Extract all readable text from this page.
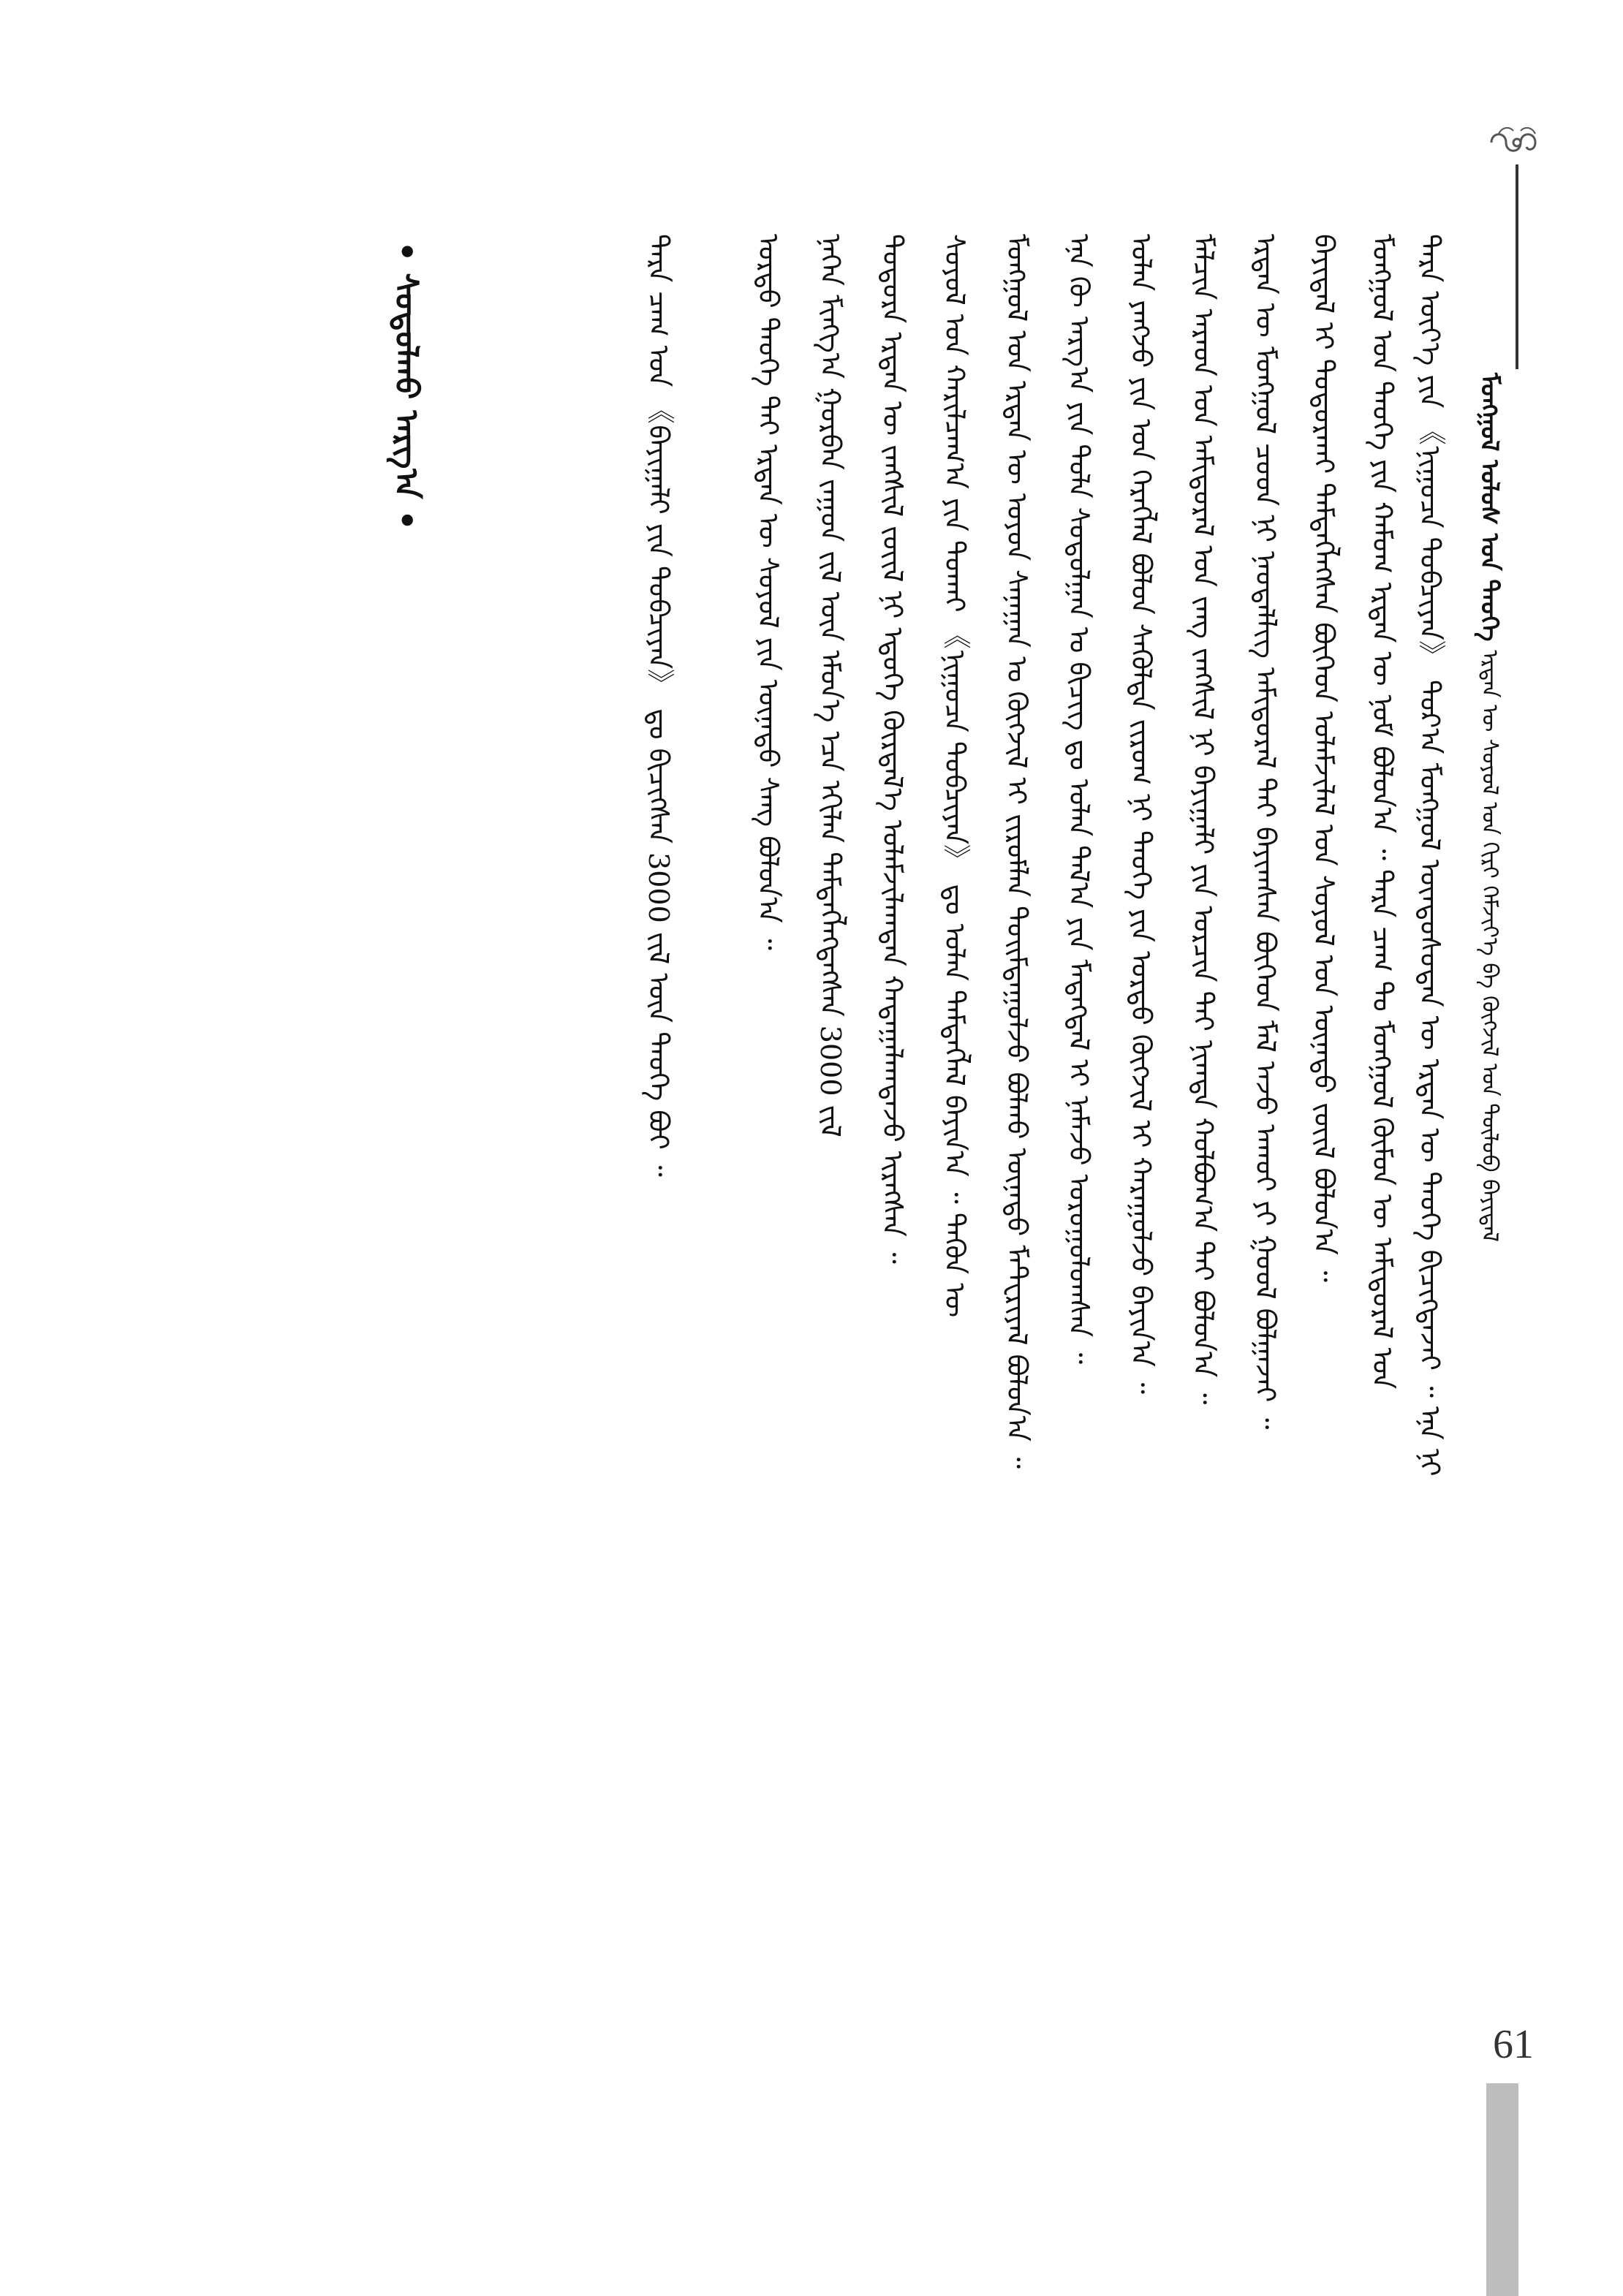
ᠮᠣᠩᠭᠣᠯ ᠤᠯᠤᠰ ᠤᠨ ᠲᠡᠦᠬᠡ ᠡᠷᠲᠡᠨ ᠦ ᠰᠣᠶᠣᠯ ᠤᠨ ᠬᠢᠷᠢ ᠬᠡᠮᠵᠢᠶ᠎ᠡ ᠪᠠ ᠬᠥᠭᠵᠢᠯ ᠤᠨ ᠲᠥᠯᠥᠪ ᠪᠠᠶᠢᠳᠠᠯ
ᠲᠡᠷᠡ ᠦᠶ᠎ᠡ ᠶᠢᠨ 《ᠨᠢᠭᠤᠴᠠ ᠲᠣᠪᠴᠢᠶᠠᠨ》 ᠳᠣᠷ᠎ᠠ ᠮᠣᠩᠭᠣᠯ ᠦᠨᠳᠦᠰᠦᠲᠡᠨ ᠦ ᠡᠷᠲᠡᠨ ᠦ ᠲᠡᠦᠬᠡ ᠪᠢᠴᠢᠭᠳᠡᠵᠡᠢ ᠃ ᠡᠨᠡ ᠨᠢ
ᠮᠣᠩᠭᠣᠯ ᠤᠨ ᠲᠡᠦᠬᠡ ᠶᠢᠨ ᠬᠠᠮᠤᠭ ᠡᠷᠲᠡᠨ ᠦ ᠨᠣᠮ ᠪᠣᠯᠤᠨ᠎ᠠ ᠃ ᠲᠡᠷᠡ ᠴᠠᠭ ᠲᠤ ᠮᠣᠩᠭᠣᠯ ᠬᠦᠮᠦᠨ ᠦ ᠠᠮᠢᠳᠤᠷᠠᠯ ᠤᠨ
ᠪᠠᠶᠢᠳᠠᠯ ᠢ ᠲᠣᠳᠣᠷᠬᠠᠢ ᠲᠡᠮᠳᠡᠭᠯᠡᠭᠰᠡᠨ ᠪᠥᠭᠡᠳ ᠤᠯᠠᠮᠵᠢᠯᠠᠯ ᠤᠨ ᠰᠣᠶᠣᠯ ᠤᠨ ᠦᠨᠡᠲᠦ ᠵᠦᠢᠯ ᠪᠣᠯᠤᠨ᠎ᠠ ᠃
ᠡᠷᠲᠡᠨ ᠦ ᠮᠣᠩᠭᠣᠯ ᠴᠤᠳ ᠨᠢ ᠨᠡᠦᠳᠡᠯᠯᠢᠭ ᠠᠮᠢᠳᠤᠷᠠᠯ ᠲᠠᠢ ᠪᠠᠶᠢᠭᠰᠠᠨ ᠪᠥᠭᠡᠳ ᠮᠠᠯ ᠠᠵᠤ ᠠᠬᠤᠢ ᠶᠢ ᠭᠣᠣᠯ ᠪᠣᠯᠭᠠᠵᠠᠢ ᠃
ᠮᠠᠯᠴᠢᠨ ᠠᠷᠠᠳ ᠤᠨ ᠠᠮᠢᠳᠤᠷᠠᠯ ᠤᠨ ᠵᠠᠩ ᠵᠠᠩᠰᠢᠯ ᠨᠢ ᠪᠠᠶᠢᠭᠠᠯᠢ ᠶᠢᠨ ᠣᠷᠴᠢᠨ ᠲᠠᠢ ᠨᠢᠭᠲᠠ ᠬᠣᠯᠪᠣᠭ᠎ᠠ ᠲᠠᠢ ᠪᠣᠯᠤᠨ᠎ᠠ ᠃
ᠣᠯᠠᠨ ᠶᠠᠩᠵᠤ ᠶᠢᠨ ᠡᠳ ᠬᠡᠷᠡᠭᠯᠡᠯ ᠪᠣᠯᠣᠨ ᠰᠡᠭᠦᠯᠲᠡ ᠵᠢᠷᠤᠭ ᠨᠢ ᠲᠡᠦᠬᠡ ᠶᠢᠨ ᠤᠷᠲᠤ ᠬᠥᠭᠵᠢᠯ ᠢ ᠬᠠᠷᠠᠭᠤᠯᠵᠤ ᠪᠠᠶᠢᠨ᠎ᠠ ᠃
ᠡᠨᠡ ᠬᠦ ᠠᠷᠭ᠎ᠠ ᠶᠢᠨ ᠲᠤᠯᠠ ᠰᠤᠳᠤᠯᠭᠠᠨ ᠤ ᠪᠢᠴᠢᠭ ᠳᠤ ᠣᠯᠠᠨ ᠲᠠᠯ᠎ᠠ ᠶᠢᠨ ᠮᠡᠳᠡᠭᠳᠡᠯ ᠢ ᠨᠡᠮᠡᠵᠦ ᠣᠷᠣᠭᠤᠯᠤᠭᠰᠠᠨ ᠃
ᠮᠣᠩᠭᠣᠯ ᠤᠨ ᠡᠷᠲᠡᠨ ᠦ ᠣᠶᠤᠨ ᠰᠠᠨᠠᠭᠠᠨ ᠤ ᠬᠥᠭᠵᠢᠯ ᠢ ᠵᠢᠷᠤᠮᠯᠠᠨ ᠲᠣᠢᠮᠳᠠᠭᠤᠯᠵᠤ ᠪᠣᠯᠬᠤ ᠦᠨᠡᠲᠦ ᠮᠠᠲ᠋ᠧᠷᠢᠶᠠᠯ ᠪᠣᠯᠤᠨ᠎ᠠ ᠃
ᠰᠣᠶᠣᠯ ᠤᠨ ᠬᠠᠷᠢᠯᠴᠠᠭ᠎ᠠ ᠶᠢᠨ ᠲᠤᠬᠠᠢ 《ᠨᠢᠭᠤᠴᠠ ᠲᠣᠪᠴᠢᠶᠠᠨ》 ᠳᠤ ᠣᠯᠠᠨ ᠲᠡᠮᠳᠡᠭᠯᠡᠯ ᠪᠠᠶᠢᠨ᠎ᠠ ᠃ ᠲᠡᠭᠦᠨ ᠦ
ᠳᠣᠲᠣᠷᠠ ᠡᠷᠲᠡᠨ ᠦ ᠵᠠᠩᠱᠢᠯ ᠵᠦᠢᠯ ᠨᠢ ᠡᠳᠦᠭᠡ ᠬᠦᠷᠲᠡᠯ᠎ᠡ ᠤᠯᠠᠮᠵᠢᠯᠠᠭᠳᠠᠨ ᠬᠠᠳᠠᠭᠠᠯᠠᠭᠳᠠᠵᠤ ᠢᠷᠡᠭᠰᠡᠨ ᠃
ᠨᠡᠭᠡᠨ ᠮᠢᠩᠭ᠎ᠠ ᠭᠤᠷᠪᠠᠨ ᠵᠠᠭᠤᠨ ᠵᠢᠯ ᠦᠨ ᠡᠮᠦᠨ᠎ᠡ ᠡᠴᠡ ᠡᠬᠢᠯᠡᠨ ᠲᠡᠮᠳᠡᠭᠯᠡᠭᠳᠡᠭᠰᠡᠨ 3000 ᠵᠢᠯ
ᠤᠷᠲᠤ ᠲᠡᠦᠬᠡ ᠲᠠᠢ ᠡᠷᠲᠡᠨ ᠦ ᠰᠣᠶᠣᠯ ᠶᠢᠨ ᠦᠨᠡᠲᠦ ᠰᠠᠩ ᠪᠣᠯᠤᠨ᠎ᠠ ᠃
ᠲᠡᠷᠡ ᠴᠠᠭ ᠤᠨ 《ᠪᠠᠶᠢᠭᠠᠯᠢ ᠶᠢᠨ ᠲᠣᠪᠴᠢᠶᠠᠨ》 ᠳᠤ ᠪᠢᠴᠢᠭᠰᠡᠨ 3000 ᠵᠢᠯ ᠦᠨ ᠲᠡᠦᠬᠡ ᠪᠤᠢ ᠃
• ᠰᠣᠳᠤᠯᠬᠤ ᠠᠷᠭ᠎ᠠ •
61
